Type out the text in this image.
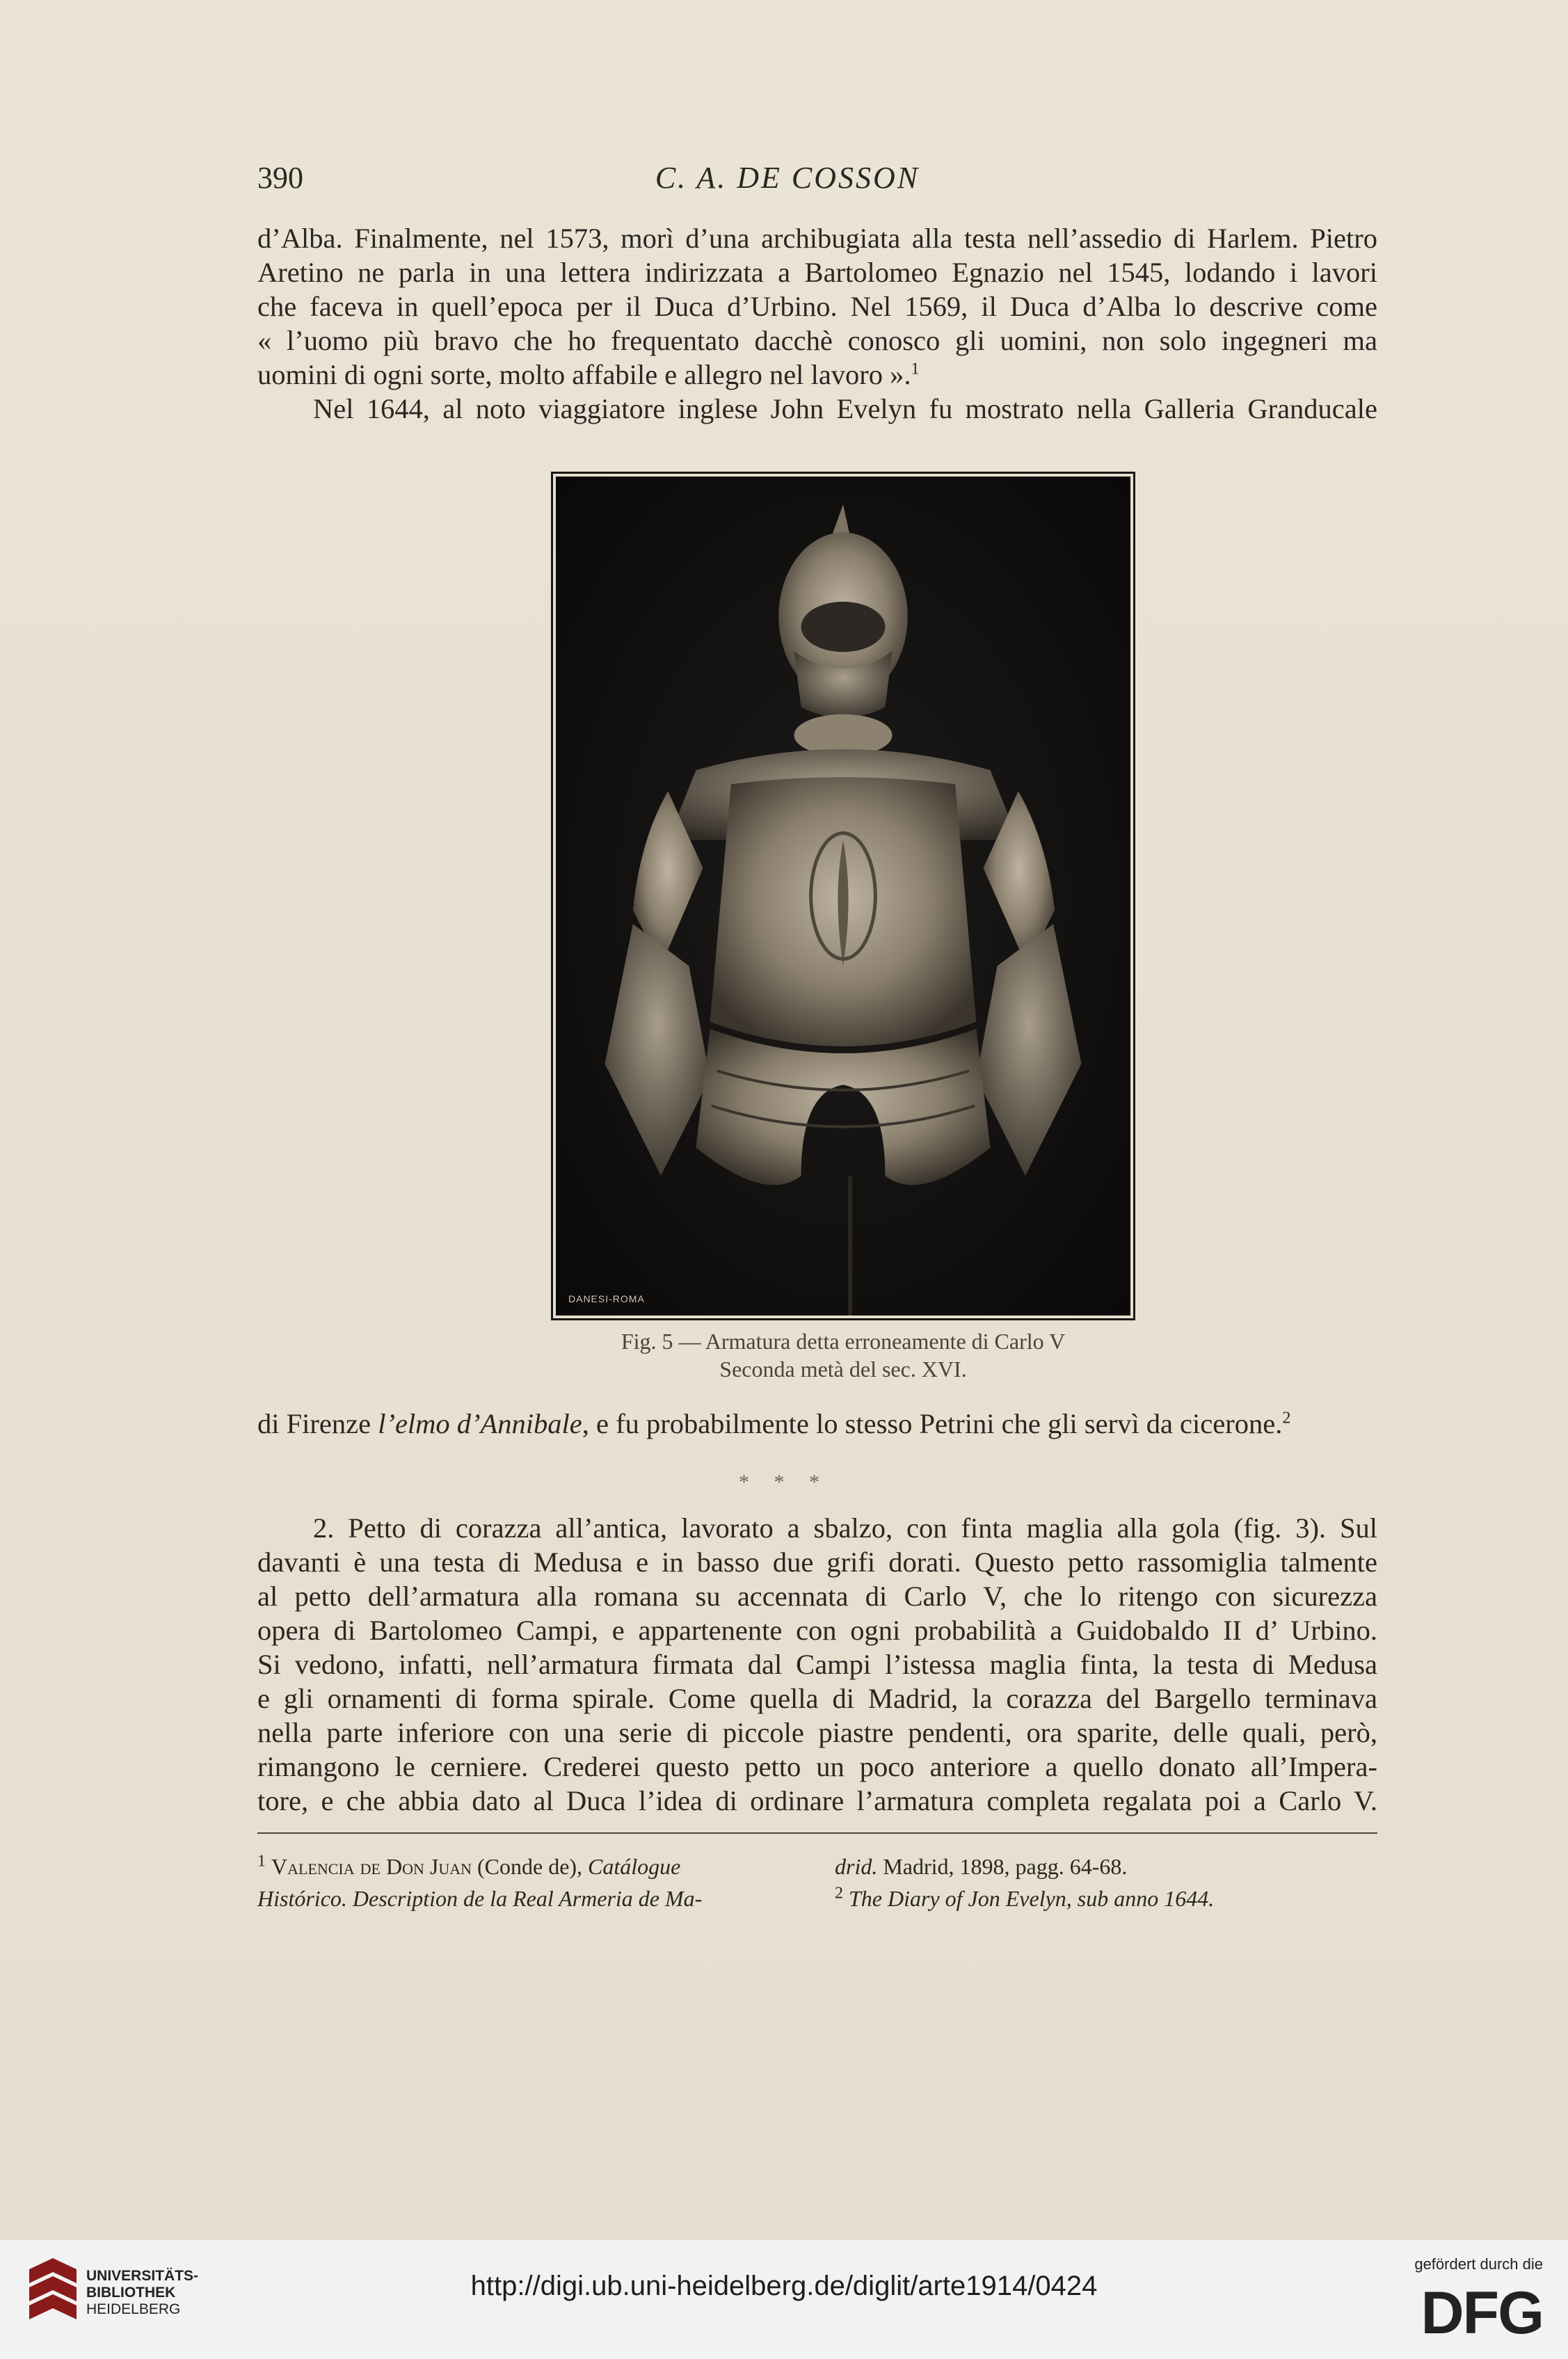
390	C. A. DE COSSON

d’Alba. Finalmente, nel 1573, morì d’una archibugiata alla testa nell’assedio di Harlem. Pietro

Aretino ne parla in una lettera indirizzata a Bartolomeo Egnazio nel 1545, lodando i lavori

che faceva in quell’epoca per il Duca d’Urbino. Nel 1569, il Duca d’Alba lo descrive come

« l’uomo più bravo che ho frequentato dacchè conosco gli uomini, non solo ingegneri ma

uomini di ogni sorte, molto affabile e allegro nel lavoro ».$^1$

Nel 1644, al noto viaggiatore inglese John Evelyn fu mostrato nella Galleria Granducale

DANESI-ROMA
Fig. 5 — Armatura detta erroneamente di Carlo V
Seconda metà del sec. XVI.

di Firenze l’elmo d’Annibale, e fu probabilmente lo stesso Petrini che gli servì da cicerone.$^2$

* * *

2. Petto di corazza all’antica, lavorato a sbalzo, con finta maglia alla gola (fig. 3). Sul

davanti è una testa di Medusa e in basso due grifi dorati. Questo petto rassomiglia talmente

al petto dell’armatura alla romana su accennata di Carlo V, che lo ritengo con sicurezza

opera di Bartolomeo Campi, e appartenente con ogni probabilità a Guidobaldo II d’ Urbino.

Si vedono, infatti, nell’armatura firmata dal Campi l’istessa maglia finta, la testa di Medusa

e gli ornamenti di forma spirale. Come quella di Madrid, la corazza del Bargello terminava

nella parte inferiore con una serie di piccole piastre pendenti, ora sparite, delle quali, però,

rimangono le cerniere. Crederei questo petto un poco anteriore a quello donato all’Impera-

tore, e che abbia dato al Duca l’idea di ordinare l’armatura completa regalata poi a Carlo V.

$^1$ Valencia de Don Juan (Conde de), Catálogue
Histórico. Description de la Real Armeria de Ma-
drid. Madrid, 1898, pagg. 64-68.
$^2$ The Diary of Jon Evelyn, sub anno 1644.
UNIVERSITÄTS-
BIBLIOTHEK
HEIDELBERG
http://digi.ub.uni-heidelberg.de/diglit/arte1914/0424
gefördert durch die
DFG
